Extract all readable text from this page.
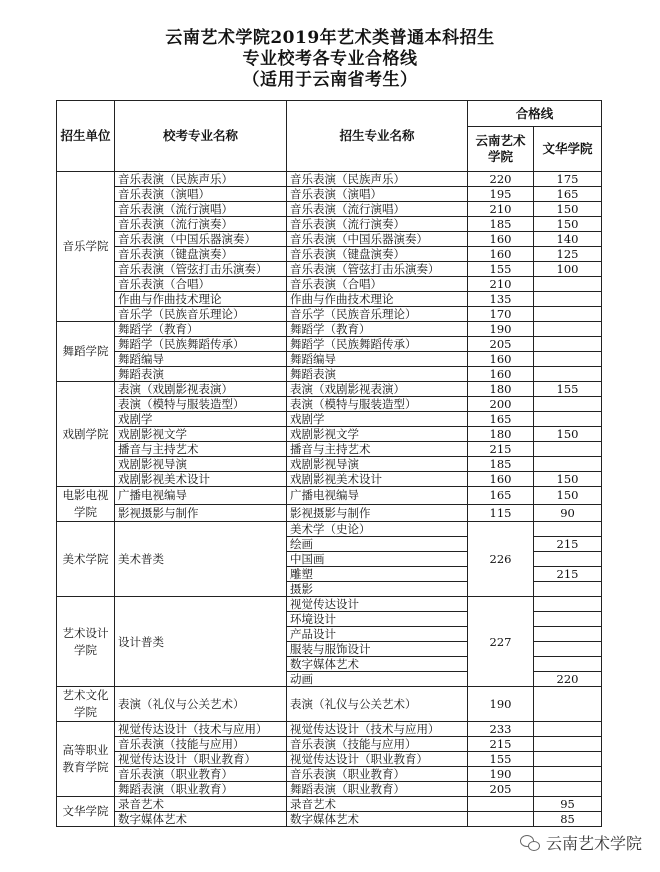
云南艺术学院2019年艺术类普通本科招生
专业校考各专业合格线
（适用于云南省考生）
招生单位	校考专业名称	招生专业名称	合格线	
			云南艺术学院	文华学院
音乐学院	音乐表演（民族声乐）	音乐表演（民族声乐）	220	175
	音乐表演（演唱）	音乐表演（演唱）	195	165
	音乐表演（流行演唱）	音乐表演（流行演唱）	210	150
	音乐表演（流行演奏）	音乐表演（流行演奏）	185	150
	音乐表演（中国乐器演奏）	音乐表演（中国乐器演奏）	160	140
	音乐表演（键盘演奏）	音乐表演（键盘演奏）	160	125
	音乐表演（管弦打击乐演奏）	音乐表演（管弦打击乐演奏）	155	100
	音乐表演（合唱）	音乐表演（合唱）	210	
	作曲与作曲技术理论	作曲与作曲技术理论	135	
	音乐学（民族音乐理论）	音乐学（民族音乐理论）	170	
舞蹈学院	舞蹈学（教育）	舞蹈学（教育）	190	
	舞蹈学（民族舞蹈传承）	舞蹈学（民族舞蹈传承）	205	
	舞蹈编导	舞蹈编导	160	
	舞蹈表演	舞蹈表演	160	
戏剧学院	表演（戏剧影视表演）	表演（戏剧影视表演）	180	155
	表演（模特与服装造型）	表演（模特与服装造型）	200	
	戏剧学	戏剧学	165	
	戏剧影视文学	戏剧影视文学	180	150
	播音与主持艺术	播音与主持艺术	215	
	戏剧影视导演	戏剧影视导演	185	
	戏剧影视美术设计	戏剧影视美术设计	160	150
电影电视学院	广播电视编导	广播电视编导	165	150
	影视摄影与制作	影视摄影与制作	115	90
美术学院	美术普类	美术学（史论）	226	
		绘画		215
		中国画		
		雕塑		215
		摄影		
艺术设计学院	设计普类	视觉传达设计	227	
		环境设计		
		产品设计		
		服装与服饰设计		
		数字媒体艺术		
		动画		220
艺术文化学院	表演（礼仪与公关艺术）	表演（礼仪与公关艺术）	190	
高等职业教育学院	视觉传达设计（技术与应用）	视觉传达设计（技术与应用）	233	
	音乐表演（技能与应用）	音乐表演（技能与应用）	215	
	视觉传达设计（职业教育）	视觉传达设计（职业教育）	155	
	音乐表演（职业教育）	音乐表演（职业教育）	190	
	舞蹈表演（职业教育）	舞蹈表演（职业教育）	205	
文华学院	录音艺术	录音艺术		95
	数字媒体艺术	数字媒体艺术		85
云南艺术学院
